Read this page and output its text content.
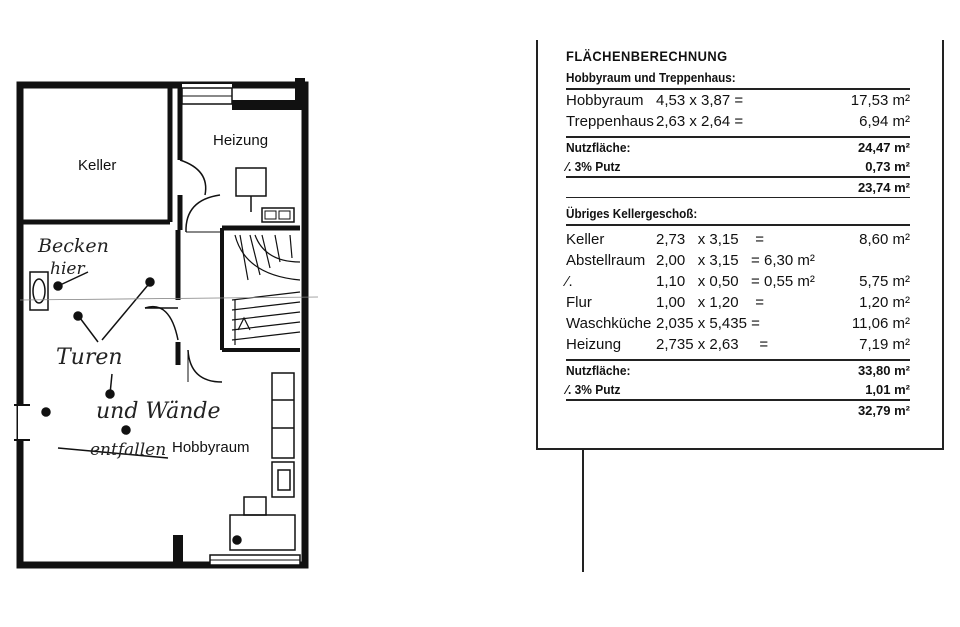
Keller
Heizung
Hobbyraum
Becken
hier
Turen
und Wände
entfallen
FLÄCHENBERECHNUNG
Hobbyraum und Treppenhaus:
Hobbyraum 4,53 x 3,87 =	17,53 m²
Treppenhaus 2,63 x 2,64 =	6,94 m²
Nutzfläche:	24,47 m²
⁄. 3% Putz	0,73 m²
23,74 m²
Übriges Kellergeschoß:
Keller	2,73   x 3,15    =	8,60 m²
Abstellraum 2,00   x 3,15   = 6,30 m²
⁄.	1,10   x 0,50   = 0,55 m²	5,75 m²
Flur	1,00   x 1,20    =	1,20 m²
Waschküche 2,035 x 5,435 =	11,06 m²
Heizung 2,735 x 2,63     =	7,19 m²
Nutzfläche:	33,80 m²
⁄. 3% Putz	1,01 m²
32,79 m²
